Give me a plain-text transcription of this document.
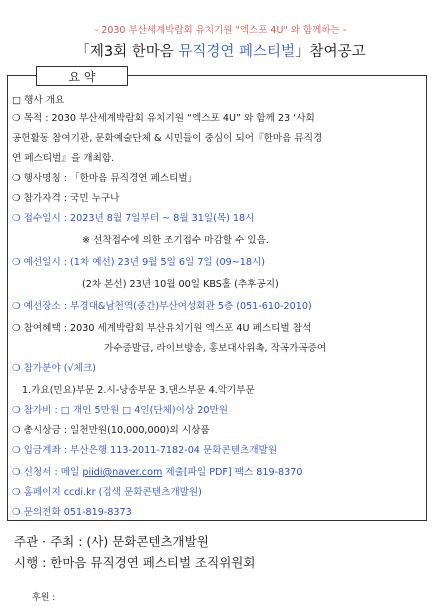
- 2030 부산세계박람회 유치기원 "엑스포 4U" 와 함께하는 -
「제3회 한마음 뮤직경연 페스티벌」참여공고
요 약
□ 행사 개요
❍ 목적 : 2030 부산세계박람회 유치기원 “엑스포 4U” 와 함께 23 ‘사회
공헌활동 참여기관, 문화예술단체 & 시민들이 중심이 되어『한마음 뮤직경
연 페스티벌』을 개최함.
❍ 행사명칭 : 「한마음 뮤직경연 페스티벌」
❍ 참가자격 : 국민 누구나
❍ 접수일시 : 2023년 8월 7일부터 ~ 8월 31일(목) 18시
※ 선착접수에 의한 조기접수 마감할 수 있음.
❍ 예선일시 : (1차 예선) 23년 9월 5일 6일 7일 (09~18시)
(2차 본선) 23년 10월 00일 KBS홀 (추후공지)
❍ 예선장소 : 부경대&남천역(중간)부산여성회관 5층 (051-610-2010)
❍ 참여혜택 : 2030 세계박람회 부산유치기원 엑스포 4U 페스티벌 참석
가수증발급, 라이브방송, 홍보대사위촉, 작곡가곡증여
❍ 참가분야 (√체크)
1.가요(민요)부문 2.시-낭송부문 3.댄스부문 4.악기부문
❍ 참가비 : □ 개인 5만원 □ 4인(단체)이상 20만원
❍ 총시상금 : 일천만원(10,000,000)외 시상품
❍ 입금계좌 : 부산은행 113-2011-7182-04 문화콘텐츠개발원
❍ 신청서 : 메일 piidi@naver.com 제출[파일 PDF] 팩스 819-8370
❍ 홈페이지 ccdi.kr (검색 문화콘텐츠개발원)
❍ 문의전화 051-819-8373
주관 · 주최 : (사) 문화콘텐츠개발원
시행 : 한마음 뮤직경연 페스티벌 조직위원회
후원 :
